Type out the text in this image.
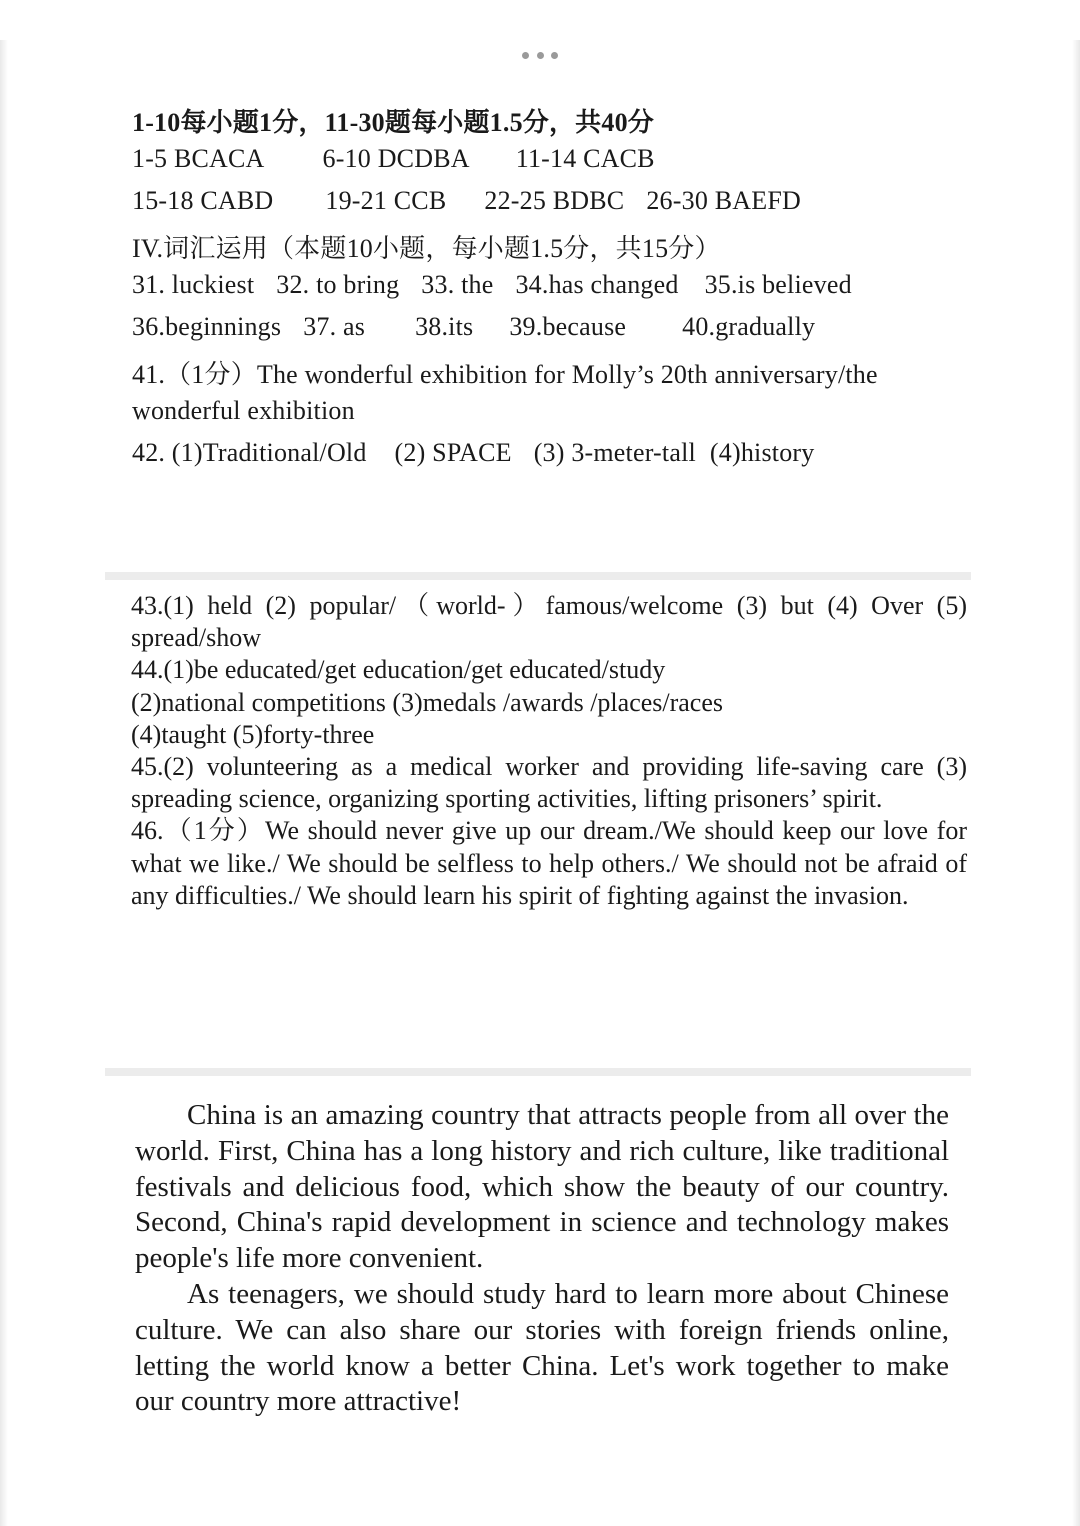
1-10每小题1分，11-30题每小题1.5分，共40分
1-5 BCACA 6-10 DCDBA 11-14 CACB
15-18 CABD 19-21 CCB 22-25 BDBC 26-30 BAEFD
IV.词汇运用（本题10小题，每小题1.5分，共15分）
31. luckiest 32. to bring 33. the 34.has changed 35.is believed
36.beginnings 37. as 38.its 39.because 40.gradually
41.（1分）The wonderful exhibition for Molly’s 20th anniversary/the
wonderful exhibition
42. (1)Traditional/Old (2) SPACE (3) 3-meter-tall (4)history

43.(1) held (2) popular/（world-）famous/welcome (3) but (4) Over (5) spread/show

44.(1)be educated/get education/get educated/study

(2)national competitions (3)medals /awards /places/races

(4)taught (5)forty-three

45.(2) volunteering as a medical worker and providing life-saving care (3) spreading science, organizing sporting activities, lifting prisoners’ spirit.

46.（1分）We should never give up our dream./We should keep our love for what we like./ We should be selfless to help others./ We should not be afraid of any difficulties./ We should learn his spirit of fighting against the invasion.

China is an amazing country that attracts people from all over the world. First, China has a long history and rich culture, like traditional festivals and delicious food, which show the beauty of our country. Second, China's rapid development in science and technology makes people's life more convenient.

As teenagers, we should study hard to learn more about Chinese culture. We can also share our stories with foreign friends online, letting the world know a better China. Let's work together to make our country more attractive!
